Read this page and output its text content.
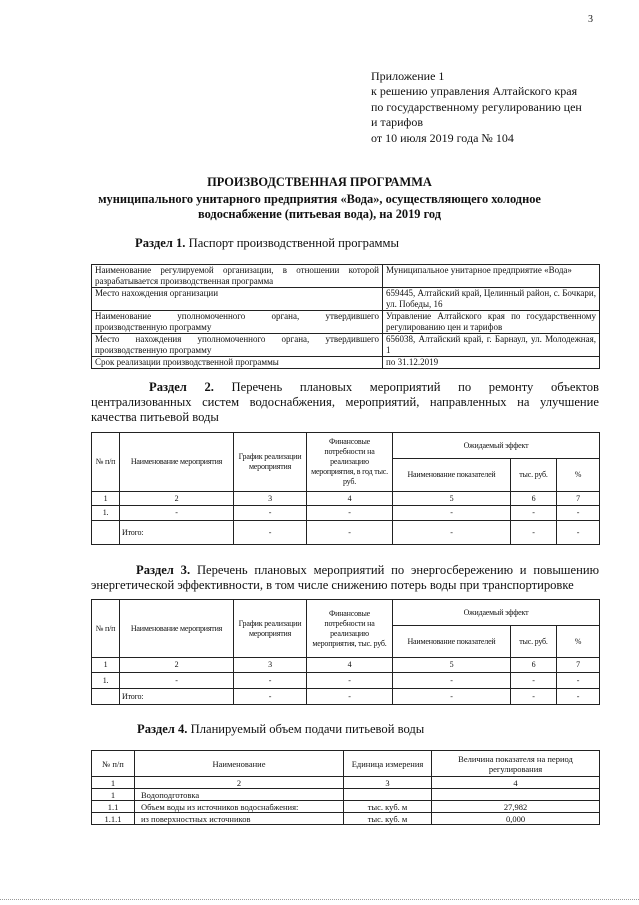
3
Приложение 1
к решению управления Алтайского края
по государственному регулированию цен
и тарифов
от 10 июля 2019 года № 104
ПРОИЗВОДСТВЕННАЯ ПРОГРАММА
муниципального унитарного предприятия «Вода», осуществляющего холодное
водоснабжение (питьевая вода), на 2019 год
Раздел 1. Паспорт производственной программы
Наименование регулируемой организации, в отношении которой разрабатывается производственная программа	Муниципальное унитарное предприятие «Вода»
Место нахождения организации	659445, Алтайский край, Целинный район, с. Бочкари, ул. Победы, 16
Наименование уполномоченного органа, утвердившего производственную программу	Управление Алтайского края по государственному регулированию цен и тарифов
Место нахождения уполномоченного органа, утвердившего производственную программу	656038, Алтайский край, г. Барнаул, ул. Молодежная, 1
Срок реализации производственной программы	по 31.12.2019
Раздел 2. Перечень плановых мероприятий по ремонту объектов централизованных систем водоснабжения, мероприятий, направленных на улучшение качества питьевой воды
№ п/п	Наименование мероприятия	График реализации мероприятия	Финансовые потребности на реализацию мероприятия, в год тыс. руб.	Ожидаемый эффект		
				Наименование показателей	тыс. руб.	%
1	2	3	4	5	6	7
1.	-	-	-	-	-	-
	Итого:	-	-	-	-	-
Раздел 3. Перечень плановых мероприятий по энергосбережению и повышению энергетической эффективности, в том числе снижению потерь воды при транспортировке
№ п/п	Наименование мероприятия	График реализации мероприятия	Финансовые потребности на реализацию мероприятия, тыс. руб.	Ожидаемый эффект		
				Наименование показателей	тыс. руб.	%
1	2	3	4	5	6	7
1.	-	-	-	-	-	-
	Итого:	-	-	-	-	-
Раздел 4. Планируемый объем подачи питьевой воды
№ п/п	Наименование	Единица измерения	Величина показателя на период регулирования
1	2	3	4
1	Водоподготовка		
1.1	Объем воды из источников водоснабжения:	тыс. куб. м	27,982
1.1.1	из поверхностных источников	тыс. куб. м	0,000
